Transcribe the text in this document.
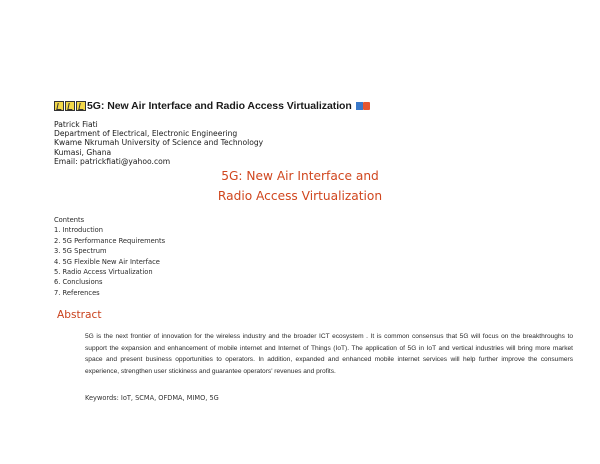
5G: New Air Interface and Radio Access Virtualization
Patrick Fiati
Department of Electrical, Electronic Engineering
Kwame Nkrumah University of Science and Technology
Kumasi, Ghana
Email: patrickfiati@yahoo.com
5G: New Air Interface and
Radio Access Virtualization
Contents
1. Introduction
2. 5G Performance Requirements
3. 5G Spectrum
4. 5G Flexible New Air Interface
5. Radio Access Virtualization
6. Conclusions
7. References
Abstract
5G is the next frontier of innovation for the wireless industry and the broader ICT ecosystem . It is common consensus that 5G will focus on the breakthroughs to support the expansion and enhancement of mobile internet and Internet of Things (IoT). The application of 5G in IoT and vertical industries will bring more market space and present business opportunities to operators. In addition, expanded and enhanced mobile internet services will help further improve the consumers experience, strengthen user stickiness and guarantee operators' revenues and profits.
Keywords: IoT, SCMA, OFDMA, MIMO, 5G
